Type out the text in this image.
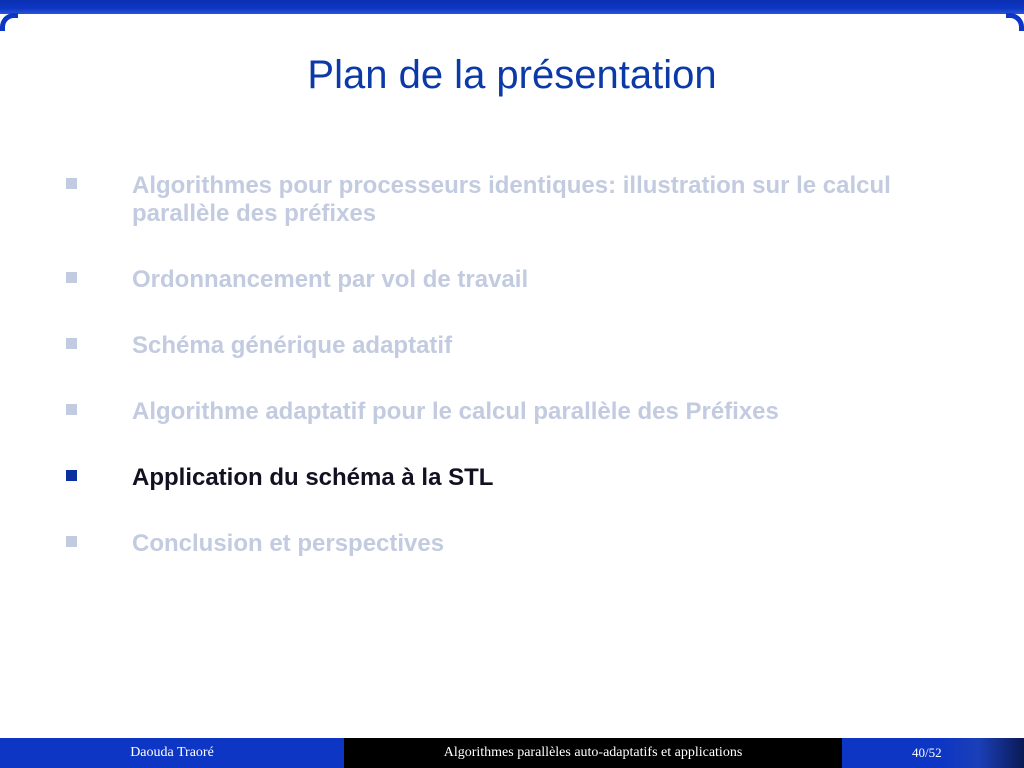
Plan de la présentation
Algorithmes pour processeurs identiques: illustration sur le calcul parallèle des préfixes
Ordonnancement par vol de travail
Schéma générique adaptatif
Algorithme adaptatif pour le calcul parallèle des Préfixes
Application du schéma à la STL
Conclusion et perspectives
Daouda Traoré	Algorithmes parallèles auto-adaptatifs et applications	40/52
